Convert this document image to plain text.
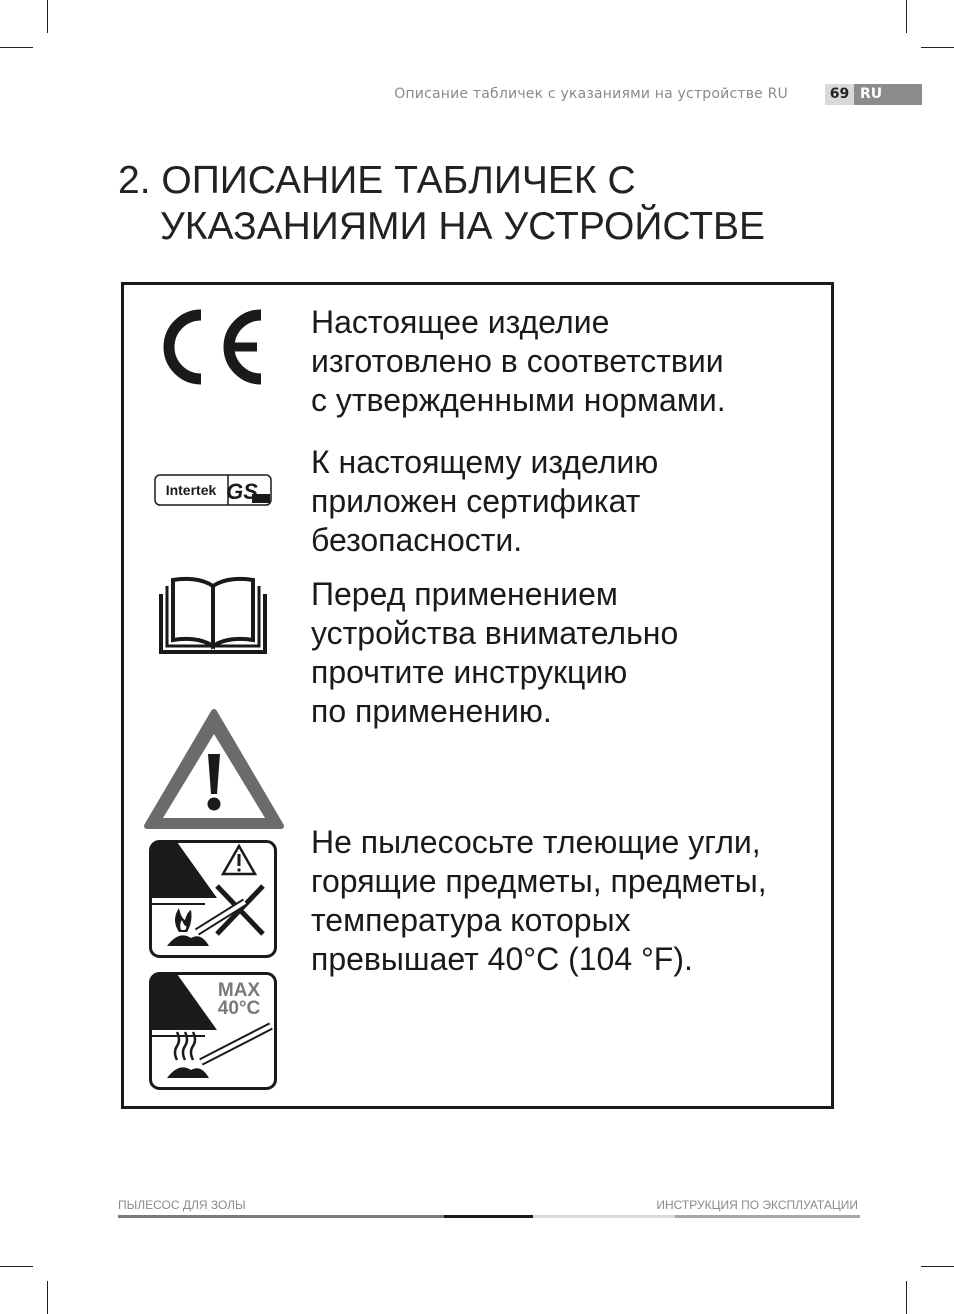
Описание табличек с указаниями на устройстве RU	69 RU
2. ОПИСАНИЕ ТАБЛИЧЕК С
УКАЗАНИЯМИ НА УСТРОЙСТВЕ
Intertek GS
MAX
40°C
Настоящее изделие
изготовлено в соответствии
с утвержденными нормами.
К настоящему изделию
приложен сертификат
безопасности.
Перед применением
устройства внимательно
прочтите инструкцию
по применению.
Не пылесосьте тлеющие угли,
горящие предметы, предметы,
температура которых
превышает 40°C (104 °F).
ПЫЛЕСОС ДЛЯ ЗОЛЫ	ИНСТРУКЦИЯ ПО ЭКСПЛУАТАЦИИ
